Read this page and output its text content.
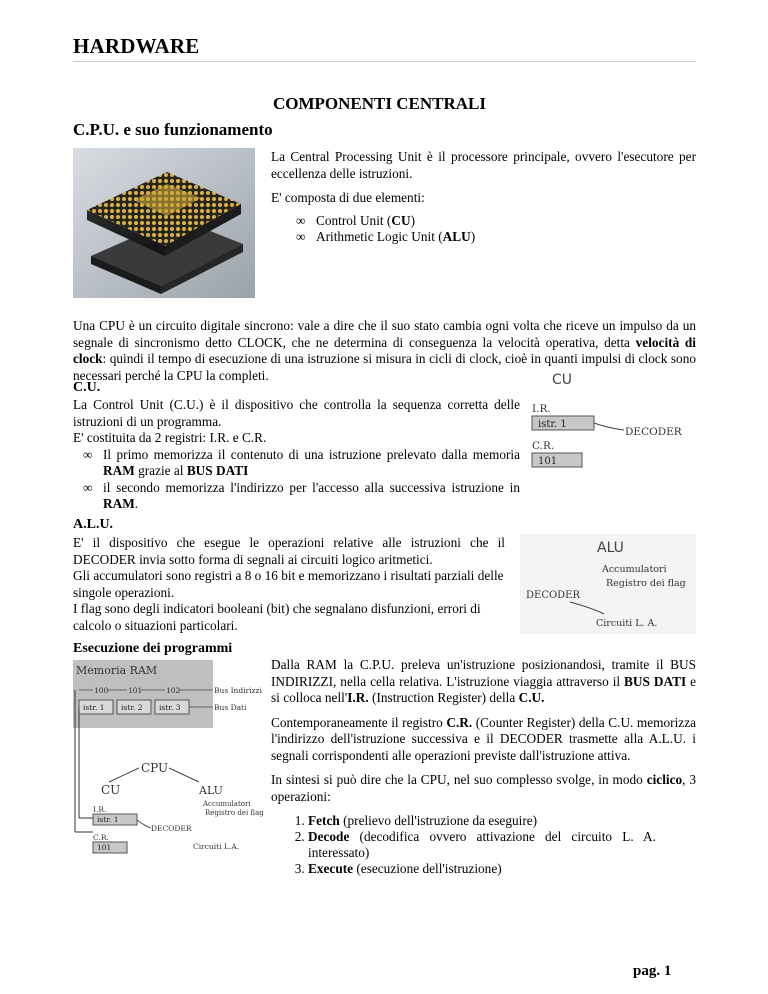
HARDWARE
COMPONENTI CENTRALI
C.P.U. e suo funzionamento

La Central Processing Unit è il processore principale, ovvero l'esecutore per eccellenza delle istruzioni.

E' composta di due elementi:

∞ Control Unit (CU)
∞ Arithmetic Logic Unit (ALU)

Una CPU è un circuito digitale sincrono: vale a dire che il suo stato cambia ogni volta che riceve un impulso da un segnale di sincronismo detto CLOCK, che ne determina di conseguenza la velocità operativa, detta velocità di clock: quindi il tempo di esecuzione di una istruzione si misura in cicli di clock, cioè in quanti impulsi di clock sono necessari perché la CPU la completi.

C.U.

La Control Unit (C.U.) è il dispositivo che controlla la sequenza corretta delle istruzioni di un programma.

E' costituita da 2 registri: I.R. e C.R.

∞ Il primo memorizza il contenuto di una istruzione prelevato dalla memoria RAM grazie al BUS DATI
∞ il secondo memorizza l'indirizzo per l'accesso alla successiva istruzione in RAM.
CU
I.R.
istr. 1
DECODER
C.R.
101
A.L.U.

E' il dispositivo che esegue le operazioni relative alle istruzioni che il DECODER invia sotto forma di segnali ai circuiti logico aritmetici.

Gli accumulatori sono registri a 8 o 16 bit e memorizzano i risultati parziali delle singole operazioni.

I flag sono degli indicatori booleani (bit) che segnalano disfunzioni, errori di calcolo o situazioni particolari.

ALU
Accumulatori
Registro dei flag
DECODER
Circuiti L. A.
Esecuzione dei programmi
Memoria RAM
100	101	102	Bus Indirizzi
istr. 1 istr. 2 istr. 3	Bus Dati
CPU
CU	ALU
Accumulatori
Registro dei flag
I.R.
istr. 1
DECODER
C.R.
101	Circuiti L.A.

Dalla RAM la C.P.U. preleva un'istruzione posizionandosi, tramite il BUS INDIRIZZI, nella cella relativa. L'istruzione viaggia attraverso il BUS DATI e si colloca nell'I.R. (Instruction Register) della C.U.

Contemporaneamente il registro C.R. (Counter Register) della C.U. memorizza l'indirizzo dell'istruzione successiva e il DECODER trasmette alla A.L.U. i segnali corrispondenti alle operazioni previste dall'istruzione attiva.

In sintesi si può dire che la CPU, nel suo complesso svolge, in modo ciclico, 3 operazioni:

1. Fetch (prelievo dell'istruzione da eseguire)
2. Decode (decodifica ovvero attivazione del circuito L. A. interessato)
3. Execute (esecuzione dell'istruzione)
pag. 1
